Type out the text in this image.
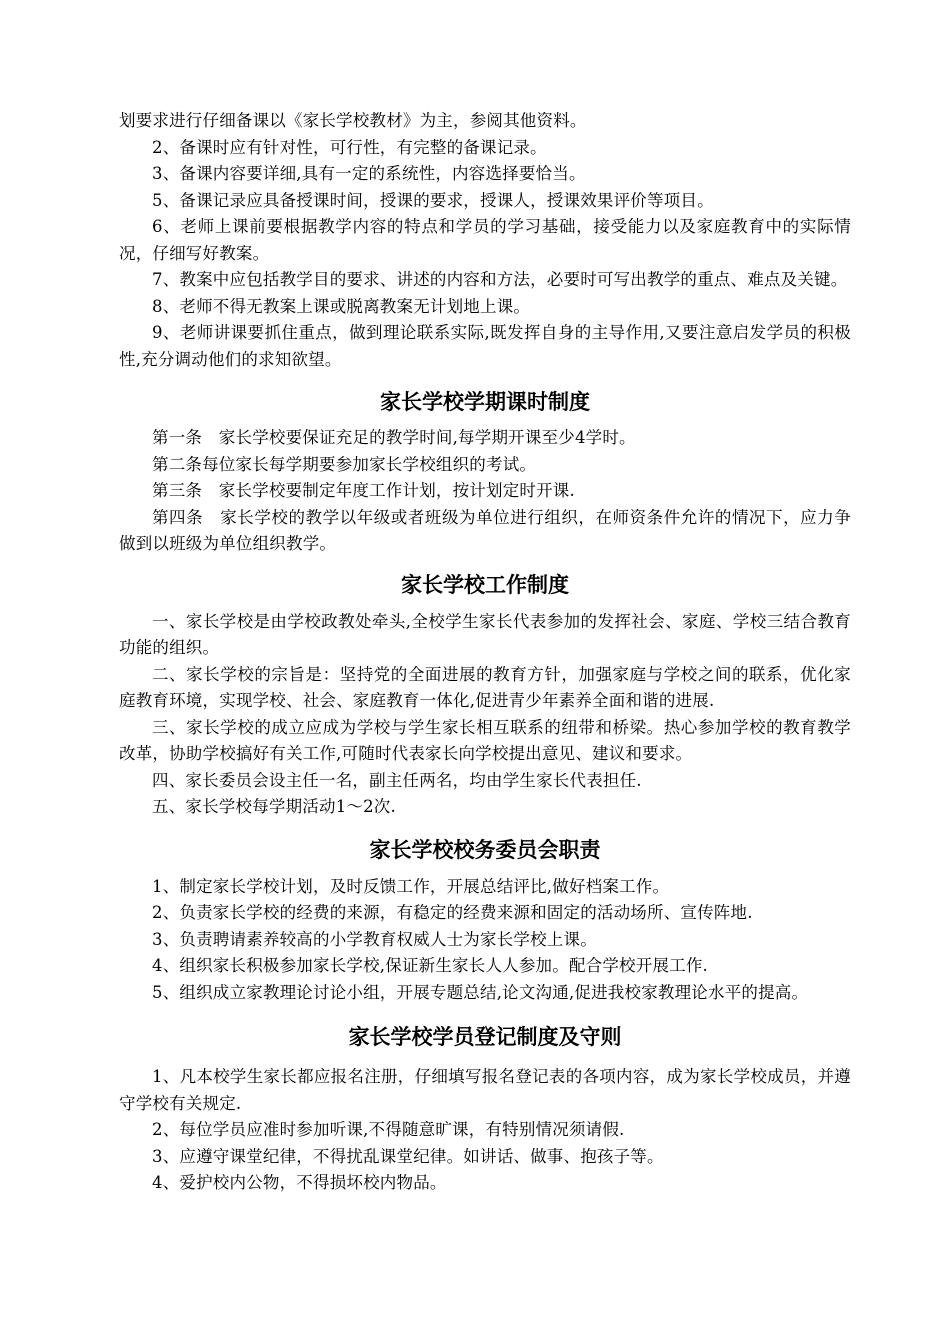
划要求进行仔细备课以《家长学校教材》为主，参阅其他资料。

2、备课时应有针对性，可行性，有完整的备课记录。

3、备课内容要详细,具有一定的系统性，内容选择要恰当。

5、备课记录应具备授课时间，授课的要求，授课人，授课效果评价等项目。

6、老师上课前要根据教学内容的特点和学员的学习基础，接受能力以及家庭教育中的实际情况，仔细写好教案。

7、教案中应包括教学目的要求、讲述的内容和方法，必要时可写出教学的重点、难点及关键。

8、老师不得无教案上课或脱离教案无计划地上课。

9、老师讲课要抓住重点，做到理论联系实际,既发挥自身的主导作用,又要注意启发学员的积极性,充分调动他们的求知欲望。

家长学校学期课时制度

第一条　家长学校要保证充足的教学时间,每学期开课至少4学时。

第二条每位家长每学期要参加家长学校组织的考试。

第三条　家长学校要制定年度工作计划，按计划定时开课.

第四条　家长学校的教学以年级或者班级为单位进行组织，在师资条件允许的情况下，应力争做到以班级为单位组织教学。

家长学校工作制度

一、家长学校是由学校政教处牵头,全校学生家长代表参加的发挥社会、家庭、学校三结合教育功能的组织。

二、家长学校的宗旨是：坚持党的全面进展的教育方针，加强家庭与学校之间的联系，优化家庭教育环境，实现学校、社会、家庭教育一体化,促进青少年素养全面和谐的进展.

三、家长学校的成立应成为学校与学生家长相互联系的纽带和桥梁。热心参加学校的教育教学改革，协助学校搞好有关工作,可随时代表家长向学校提出意见、建议和要求。

四、家长委员会设主任一名，副主任两名，均由学生家长代表担任.

五、家长学校每学期活动1～2次.

家长学校校务委员会职责

1、制定家长学校计划，及时反馈工作，开展总结评比,做好档案工作。

2、负责家长学校的经费的来源，有稳定的经费来源和固定的活动场所、宣传阵地.

3、负责聘请素养较高的小学教育权威人士为家长学校上课。

4、组织家长积极参加家长学校,保证新生家长人人参加。配合学校开展工作.

5、组织成立家教理论讨论小组，开展专题总结,论文沟通,促进我校家教理论水平的提高。

家长学校学员登记制度及守则

1、凡本校学生家长都应报名注册，仔细填写报名登记表的各项内容，成为家长学校成员，并遵守学校有关规定.

2、每位学员应准时参加听课,不得随意旷课，有特别情况须请假.

3、应遵守课堂纪律，不得扰乱课堂纪律。如讲话、做事、抱孩子等。

4、爱护校内公物，不得损坏校内物品。
